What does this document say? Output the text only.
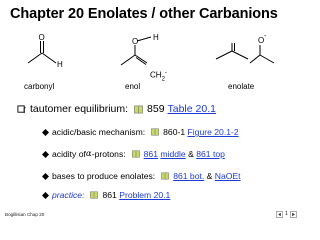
Chapter 20 Enolates / other Carbanions
O
H
carbonyl
O H
enol
O -
enolate
$CH_2^-$
tautomer equilibrium: 859
Table 20.1
acidic/basic mechanism: 860-1
Figure 20.1-2
acidity of α -protons: 861
middle & 861 top
bases to produce enolates: 861 bot. & NaOEt
practice: 861
Problem 20.1
Boglilisian Chap 20	1
